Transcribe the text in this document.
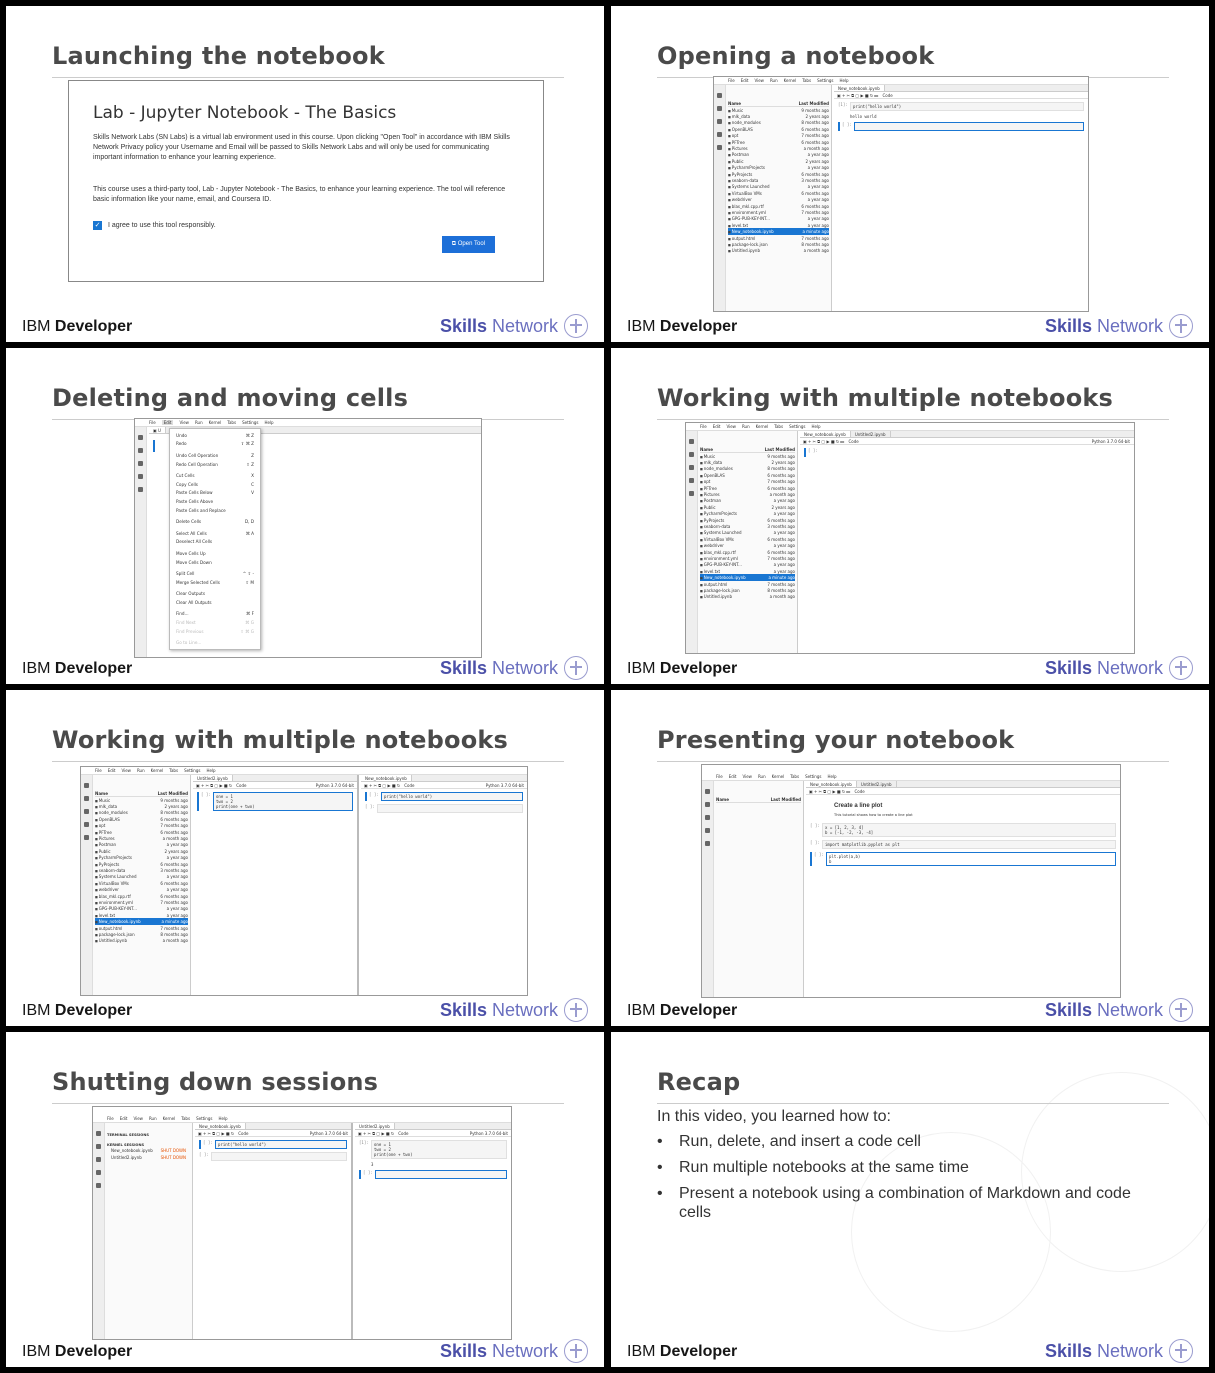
Launching the notebook
Lab - Jupyter Notebook - The Basics

Skills Network Labs (SN Labs) is a virtual lab environment used in this course. Upon clicking "Open Tool" in accordance with IBM Skills Network Privacy policy your Username and Email will be passed to Skills Network Labs and will only be used for communicating important information to enhance your learning experience.

This course uses a third-party tool, Lab - Jupyter Notebook - The Basics, to enhance your learning experience. The tool will reference basic information like your name, email, and Coursera ID.

✓ I agree to use this tool responsibly.
⧉ Open Tool
IBM Developer	Skills Network
Opening a notebook
File Edit View Run Kernel Tabs Settings Help
Name	Last Modified
■ Music	9 months ago
■ mlk_data	2 years ago
■ node_modules	8 months ago
■ OpenBLAS	6 months ago
■ opt	7 months ago
■ PFTree	6 months ago
■ Pictures	a month ago
■ Postman	a year ago
■ Public	2 years ago
■ PycharmProjects	a year ago
■ PyProjects	6 months ago
■ seaborn-data	3 months ago
■ Systems Launched	a year ago
■ VirtualBox VMs	6 months ago
■ webdriver	a year ago
■ blas_mkl.cpp.rtf	6 months ago
■ environment.yml	7 months ago
■ GPG-PUB-KEY-INT...	a year ago
■ level.txt	a year ago
■ New_notebook.ipynb	a minute ago
■ output.html	7 months ago
■ package-lock.json	8 months ago
■ Untitled.ipynb	a month ago
New_notebook.ipynb
▣ + ✂ ⧉ ▢ ▶ ■ ↻ ▸▸ Code
[1]:	print("hello world")
hello world
[ ]:

IBM Developer	Skills Network
Deleting and moving cells
File	Edit	View Run Kernel Tabs Settings Help
▣ U
Undo	⌘ Z
Redo	⇧ ⌘ Z
Undo Cell Operation	Z
Redo Cell Operation	⇧ Z
Cut Cells	X
Copy Cells	C
Paste Cells Below	V
Paste Cells Above
Paste Cells and Replace
Delete Cells	D, D
Select All Cells	⌘ A
Deselect All Cells
Move Cells Up
Move Cells Down
Split Cell	^ ⇧ -
Merge Selected Cells	⇧ M
Clear Outputs
Clear All Outputs
Find...	⌘ F
Find Next	⌘ G
Find Previous	⇧ ⌘ G
Go to Line...
IBM Developer	Skills Network
Working with multiple notebooks
File Edit View Run Kernel Tabs Settings Help
Name	Last Modified
■ Music	9 months ago
■ mlk_data	2 years ago
■ node_modules	8 months ago
■ OpenBLAS	6 months ago
■ opt	7 months ago
■ PFTree	6 months ago
■ Pictures	a month ago
■ Postman	a year ago
■ Public	2 years ago
■ PycharmProjects	a year ago
■ PyProjects	6 months ago
■ seaborn-data	3 months ago
■ Systems Launched	a year ago
■ VirtualBox VMs	6 months ago
■ webdriver	a year ago
■ blas_mkl.cpp.rtf	6 months ago
■ environment.yml	7 months ago
■ GPG-PUB-KEY-INT...	a year ago
■ level.txt	a year ago
■ New_notebook.ipynb	a minute ago
■ output.html	7 months ago
■ package-lock.json	8 months ago
■ Untitled.ipynb	a month ago
New_notebook.ipynb	Untitled2.ipynb
▣ + ✂ ⧉ ▢ ▶ ■ ↻ ▸▸ Code	Python 3.7.0 64-bit
[ ]:

IBM Developer	Skills Network
Working with multiple notebooks
File Edit View Run Kernel Tabs Settings Help
Name	Last Modified
■ Music	9 months ago
■ mlk_data	2 years ago
■ node_modules	8 months ago
■ OpenBLAS	6 months ago
■ opt	7 months ago
■ PFTree	6 months ago
■ Pictures	a month ago
■ Postman	a year ago
■ Public	2 years ago
■ PycharmProjects	a year ago
■ PyProjects	6 months ago
■ seaborn-data	3 months ago
■ Systems Launched	a year ago
■ VirtualBox VMs	6 months ago
■ webdriver	a year ago
■ blas_mkl.cpp.rtf	6 months ago
■ environment.yml	7 months ago
■ GPG-PUB-KEY-INT...	a year ago
■ level.txt	a year ago
■ New_notebook.ipynb	a minute ago
■ output.html	7 months ago
■ package-lock.json	8 months ago
■ Untitled.ipynb	a month ago
Untitled2.ipynb
▣ + ✂ ⧉ ▢ ▶ ■ ↻ Code	Python 3.7.0 64-bit
[ ]:	one = 1
two = 2
print(one + two)
New_notebook.ipynb
▣ + ✂ ⧉ ▢ ▶ ■ ↻ Code	Python 3.7.0 64-bit
[ ]:	print("hello world")
[ ]:

IBM Developer	Skills Network
Presenting your notebook
File Edit View Run Kernel Tabs Settings Help
Name	Last Modified
New_notebook.ipynb	Untitled2.ipynb
▣ + ✂ ⧉ ▢ ▶ ■ ↻ ▸▸ Code
Create a line plot
This tutorial shows how to create a line plot
[ ]:	x = [1, 2, 3, 4]
b = [-1, -2, -3, -4]
[ ]:	import matplotlib.pyplot as plt
[ ]:	plt.plot(a,b)
b
IBM Developer	Skills Network
Shutting down sessions
File Edit View Run Kernel Tabs Settings Help
TERMINAL SESSIONS
KERNEL SESSIONS
New_notebook.ipynb SHUT DOWN
Untitled2.ipynb	SHUT DOWN
New_notebook.ipynb
▣ + ✂ ⧉ ▢ ▶ ■ ↻ Code	Python 3.7.0 64-bit
[ ]:	print("hello world")
[ ]:

Untitled2.ipynb
▣ + ✂ ⧉ ▢ ▶ ■ ↻ Code	Python 3.7.0 64-bit
[1]:	one = 1
two = 2
print(one + two)
3
[ ]:

IBM Developer	Skills Network
Recap
In this video, you learned how to:
• Run, delete, and insert a code cell
• Run multiple notebooks at the same time
• Present a notebook using a combination of Markdown and code cells
IBM Developer	Skills Network
